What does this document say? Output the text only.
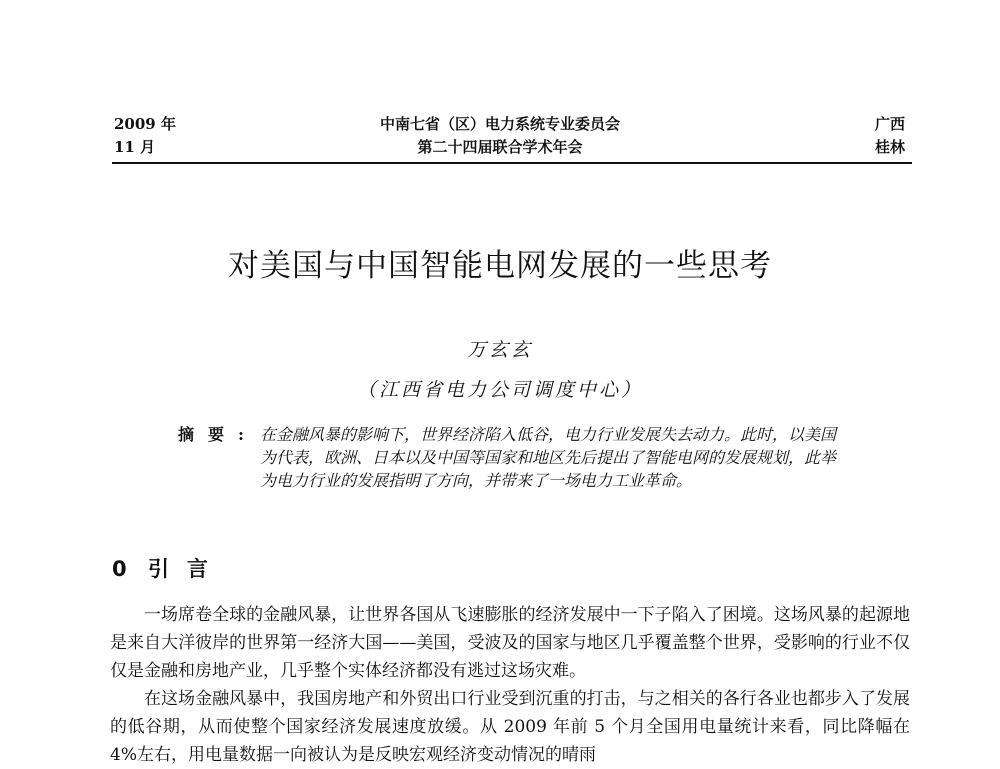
2009 年
11 月
中南七省（区）电力系统专业委员会
第二十四届联合学术年会
广西
桂林
对美国与中国智能电网发展的一些思考
万玄玄
（江西省电力公司调度中心）
摘要: 在金融风暴的影响下，世界经济陷入低谷，电力行业发展失去动力。此时，以美国为代表，欧洲、日本以及中国等国家和地区先后提出了智能电网的发展规划，此举为电力行业的发展指明了方向，并带来了一场电力工业革命。
0 引言

一场席卷全球的金融风暴，让世界各国从飞速膨胀的经济发展中一下子陷入了困境。这场风暴的起源地是来自大洋彼岸的世界第一经济大国——美国，受波及的国家与地区几乎覆盖整个世界，受影响的行业不仅仅是金融和房地产业，几乎整个实体经济都没有逃过这场灾难。

在这场金融风暴中，我国房地产和外贸出口行业受到沉重的打击，与之相关的各行各业也都步入了发展的低谷期，从而使整个国家经济发展速度放缓。从 2009 年前 5 个月全国用电量统计来看，同比降幅在 4%左右，用电量数据一向被认为是反映宏观经济变动情况的晴雨
